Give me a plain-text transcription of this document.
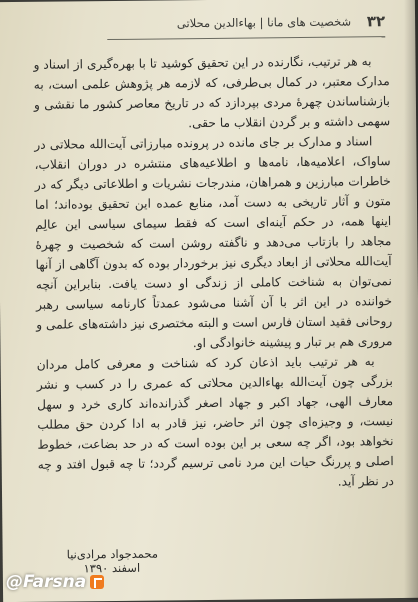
۳۲
شخصیت های مانا | بهاءالدین محلاتی

به هر ترتیب، نگارنده در این تحقیق کوشید تا با بهره‌گیری از اسناد و مدارک معتبر، در کمال بی‌طرفی، که لازمه هر پژوهش علمی است، به بازشناساندن چهرهٔ مردی بپردازد که در تاریخ معاصر کشور ما نقشی و سهمی داشته و بر گردن انقلاب ما حقی.

اسناد و مدارک بر جای مانده در پرونده مبارزاتی آیت‌الله محلاتی در ساواک، اعلامیه‌ها، نامه‌ها و اطلاعیه‌های منتشره در دوران انقلاب، خاطرات مبارزین و همراهان، مندرجات نشریات و اطلاعاتی دیگر که در متون و آثار تاریخی به دست آمد، منابع عمده این تحقیق بوده‌اند؛ اما اینها همه، در حکم آینه‌ای است که فقط سیمای سیاسی این عالِم مجاهد را بازتاب می‌دهد و ناگفته روشن است که شخصیت و چهرهٔ آیت‌الله محلاتی از ابعاد دیگری نیز برخوردار بوده که بدون آگاهی از آنها نمی‌توان به شناخت کاملی از زندگی او دست یافت. بنابراین آنچه خواننده در این اثر با آن آشنا می‌شود عمدتاً کارنامه سیاسی رهبر روحانی فقید استان فارس است و البته مختصری نیز داشته‌های علمی و مروری هم بر تبار و پیشینه خانوادگی او.

به هر ترتیب باید اذعان کرد که شناخت و معرفی کامل مردان بزرگی چون آیت‌الله بهاءالدین محلاتی که عمری را در کسب و نشر معارف الهی، جهاد اکبر و جهاد اصغر گذرانده‌اند کاری خرد و سهل نیست، و وجیزه‌ای چون اثر حاضر، نیز قادر به ادا کردن حق مطلب نخواهد بود، اگر چه سعی بر این بوده است که در حد بضاعت، خطوط اصلی و پررنگ حیات این مرد نامی ترسیم گردد؛ تا چه قبول افتد و چه در نظر آید.

محمدجواد مرادی‌نیا
اسفند ۱۳۹۰
@Farsna
